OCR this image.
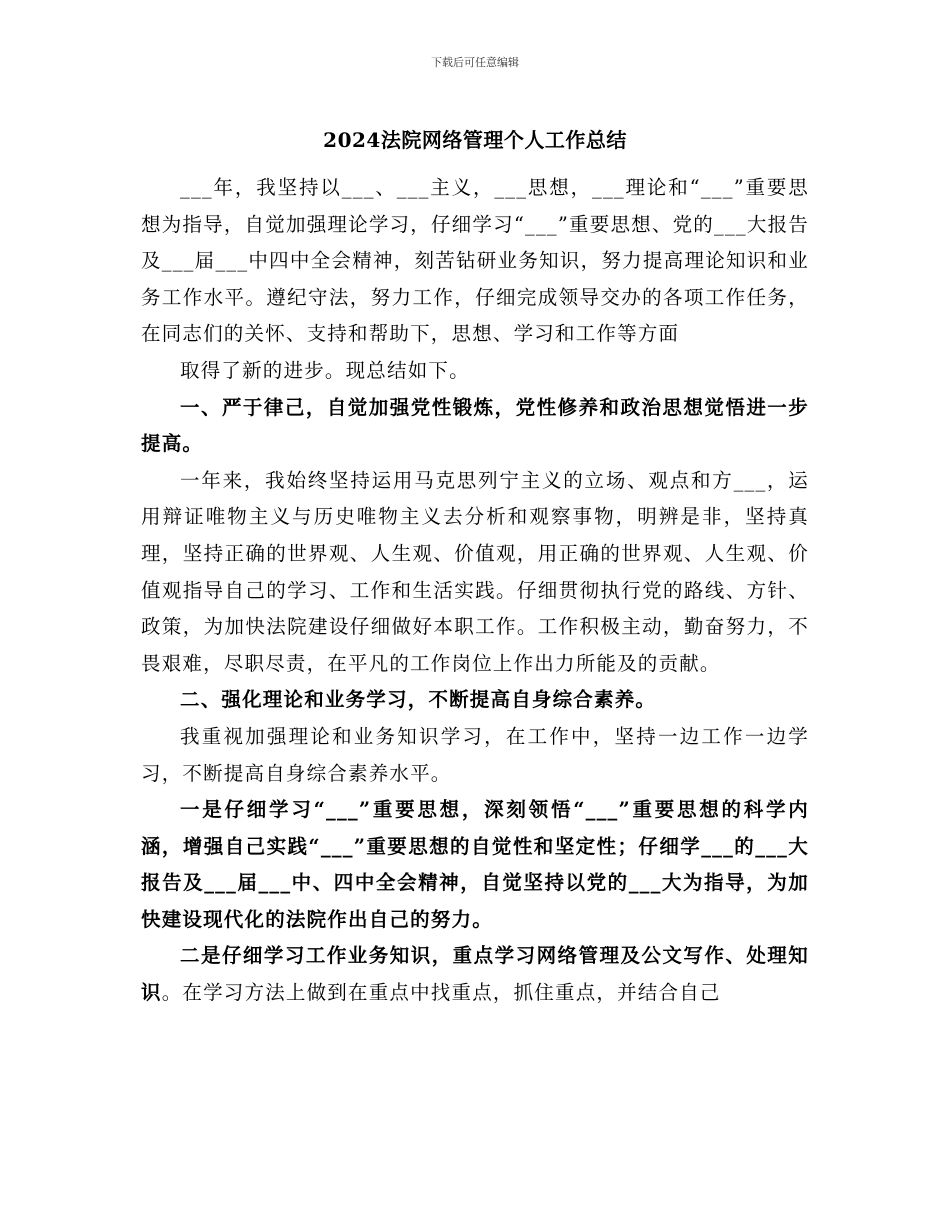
下载后可任意编辑
2024法院网络管理个人工作总结

___年，我坚持以___、___主义，___思想，___理论和“___”重要思想为指导，自觉加强理论学习，仔细学习“___”重要思想、党的___大报告及___届___中四中全会精神，刻苦钻研业务知识，努力提高理论知识和业务工作水平。遵纪守法，努力工作，仔细完成领导交办的各项工作任务，在同志们的关怀、支持和帮助下，思想、学习和工作等方面

取得了新的进步。现总结如下。

一、严于律己，自觉加强党性锻炼，党性修养和政治思想觉悟进一步提高。

一年来，我始终坚持运用马克思列宁主义的立场、观点和方___，运用辩证唯物主义与历史唯物主义去分析和观察事物，明辨是非，坚持真理，坚持正确的世界观、人生观、价值观，用正确的世界观、人生观、价值观指导自己的学习、工作和生活实践。仔细贯彻执行党的路线、方针、政策，为加快法院建设仔细做好本职工作。工作积极主动，勤奋努力，不畏艰难，尽职尽责，在平凡的工作岗位上作出力所能及的贡献。

二、强化理论和业务学习，不断提高自身综合素养。

我重视加强理论和业务知识学习，在工作中，坚持一边工作一边学习，不断提高自身综合素养水平。

一是仔细学习“___”重要思想，深刻领悟“___”重要思想的科学内涵，增强自己实践“___”重要思想的自觉性和坚定性；仔细学___的___大报告及___届___中、四中全会精神，自觉坚持以党的___大为指导，为加快建设现代化的法院作出自己的努力。

二是仔细学习工作业务知识，重点学习网络管理及公文写作、处理知识。在学习方法上做到在重点中找重点，抓住重点，并结合自己
